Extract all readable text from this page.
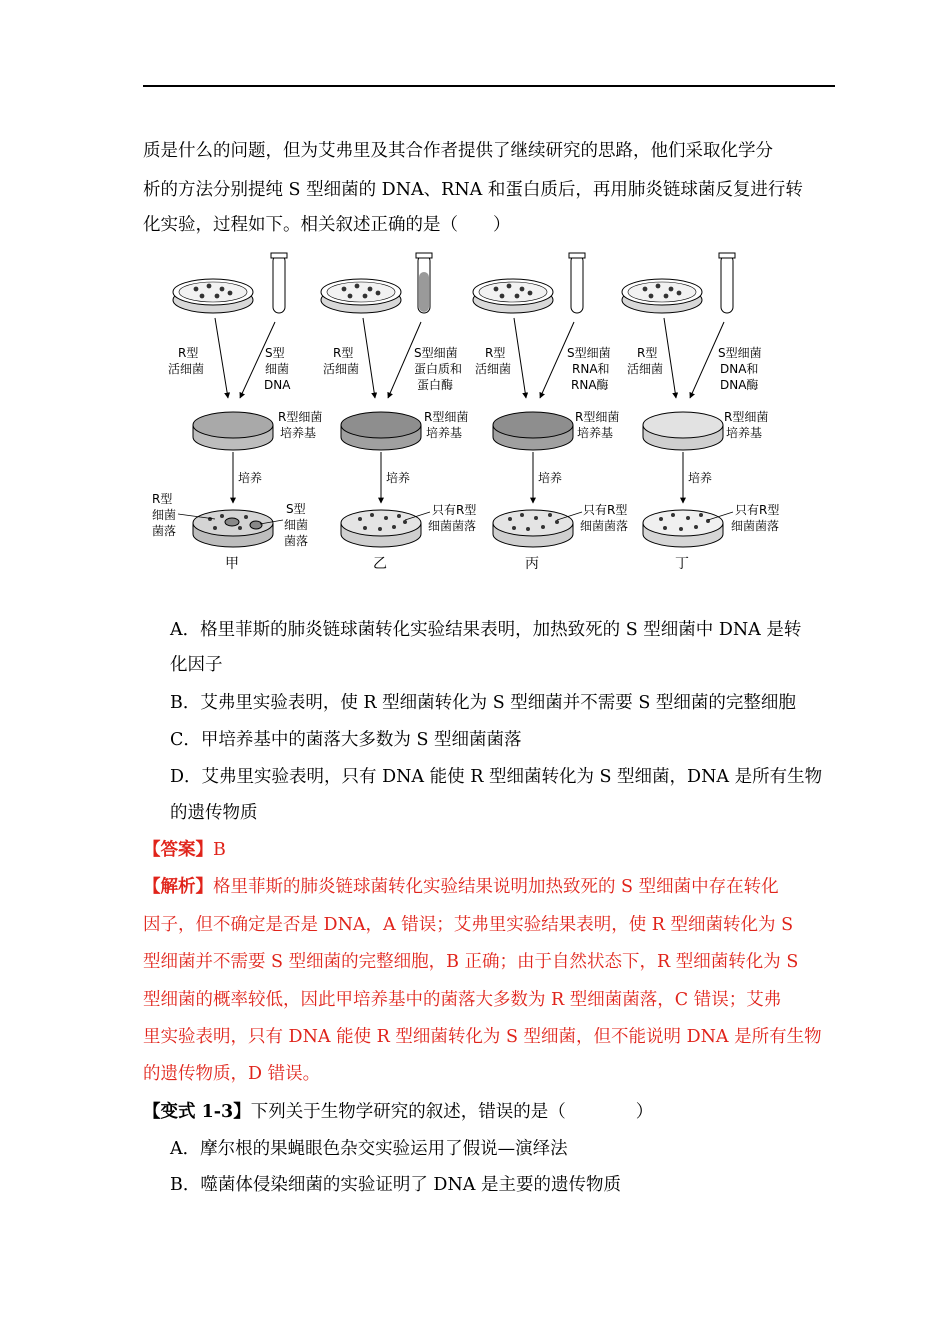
质是什么的问题，但为艾弗里及其合作者提供了继续研究的思路，他们采取化学分

析的方法分别提纯 S 型细菌的 DNA、RNA 和蛋白质后，再用肺炎链球菌反复进行转

化实验，过程如下。相关叙述正确的是（　　）

R型
活细菌
S型
细菌
DNA
R型细菌
培养基
培养
R型
细菌
菌落
S型
细菌
菌落
甲
R型
活细菌
S型细菌
蛋白质和
蛋白酶
R型细菌
培养基
培养
只有R型
细菌菌落
乙
R型
活细菌
S型细菌
RNA和
RNA酶
R型细菌
培养基
培养
只有R型
细菌菌落
丙
R型
活细菌
S型细菌
DNA和
DNA酶
R型细菌
培养基
培养
只有R型
细菌菌落
丁

A．格里菲斯的肺炎链球菌转化实验结果表明，加热致死的 S 型细菌中 DNA 是转

化因子

B．艾弗里实验表明，使 R 型细菌转化为 S 型细菌并不需要 S 型细菌的完整细胞

C．甲培养基中的菌落大多数为 S 型细菌菌落

D．艾弗里实验表明，只有 DNA 能使 R 型细菌转化为 S 型细菌，DNA 是所有生物

的遗传物质

【答案】B

【解析】格里菲斯的肺炎链球菌转化实验结果说明加热致死的 S 型细菌中存在转化

因子，但不确定是否是 DNA，A 错误；艾弗里实验结果表明，使 R 型细菌转化为 S

型细菌并不需要 S 型细菌的完整细胞，B 正确；由于自然状态下，R 型细菌转化为 S

型细菌的概率较低，因此甲培养基中的菌落大多数为 R 型细菌菌落，C 错误；艾弗

里实验表明，只有 DNA 能使 R 型细菌转化为 S 型细菌，但不能说明 DNA 是所有生物

的遗传物质，D 错误。

【变式 1-3】下列关于生物学研究的叙述，错误的是（　　　　）

A．摩尔根的果蝇眼色杂交实验运用了假说—演绎法

B．噬菌体侵染细菌的实验证明了 DNA 是主要的遗传物质
